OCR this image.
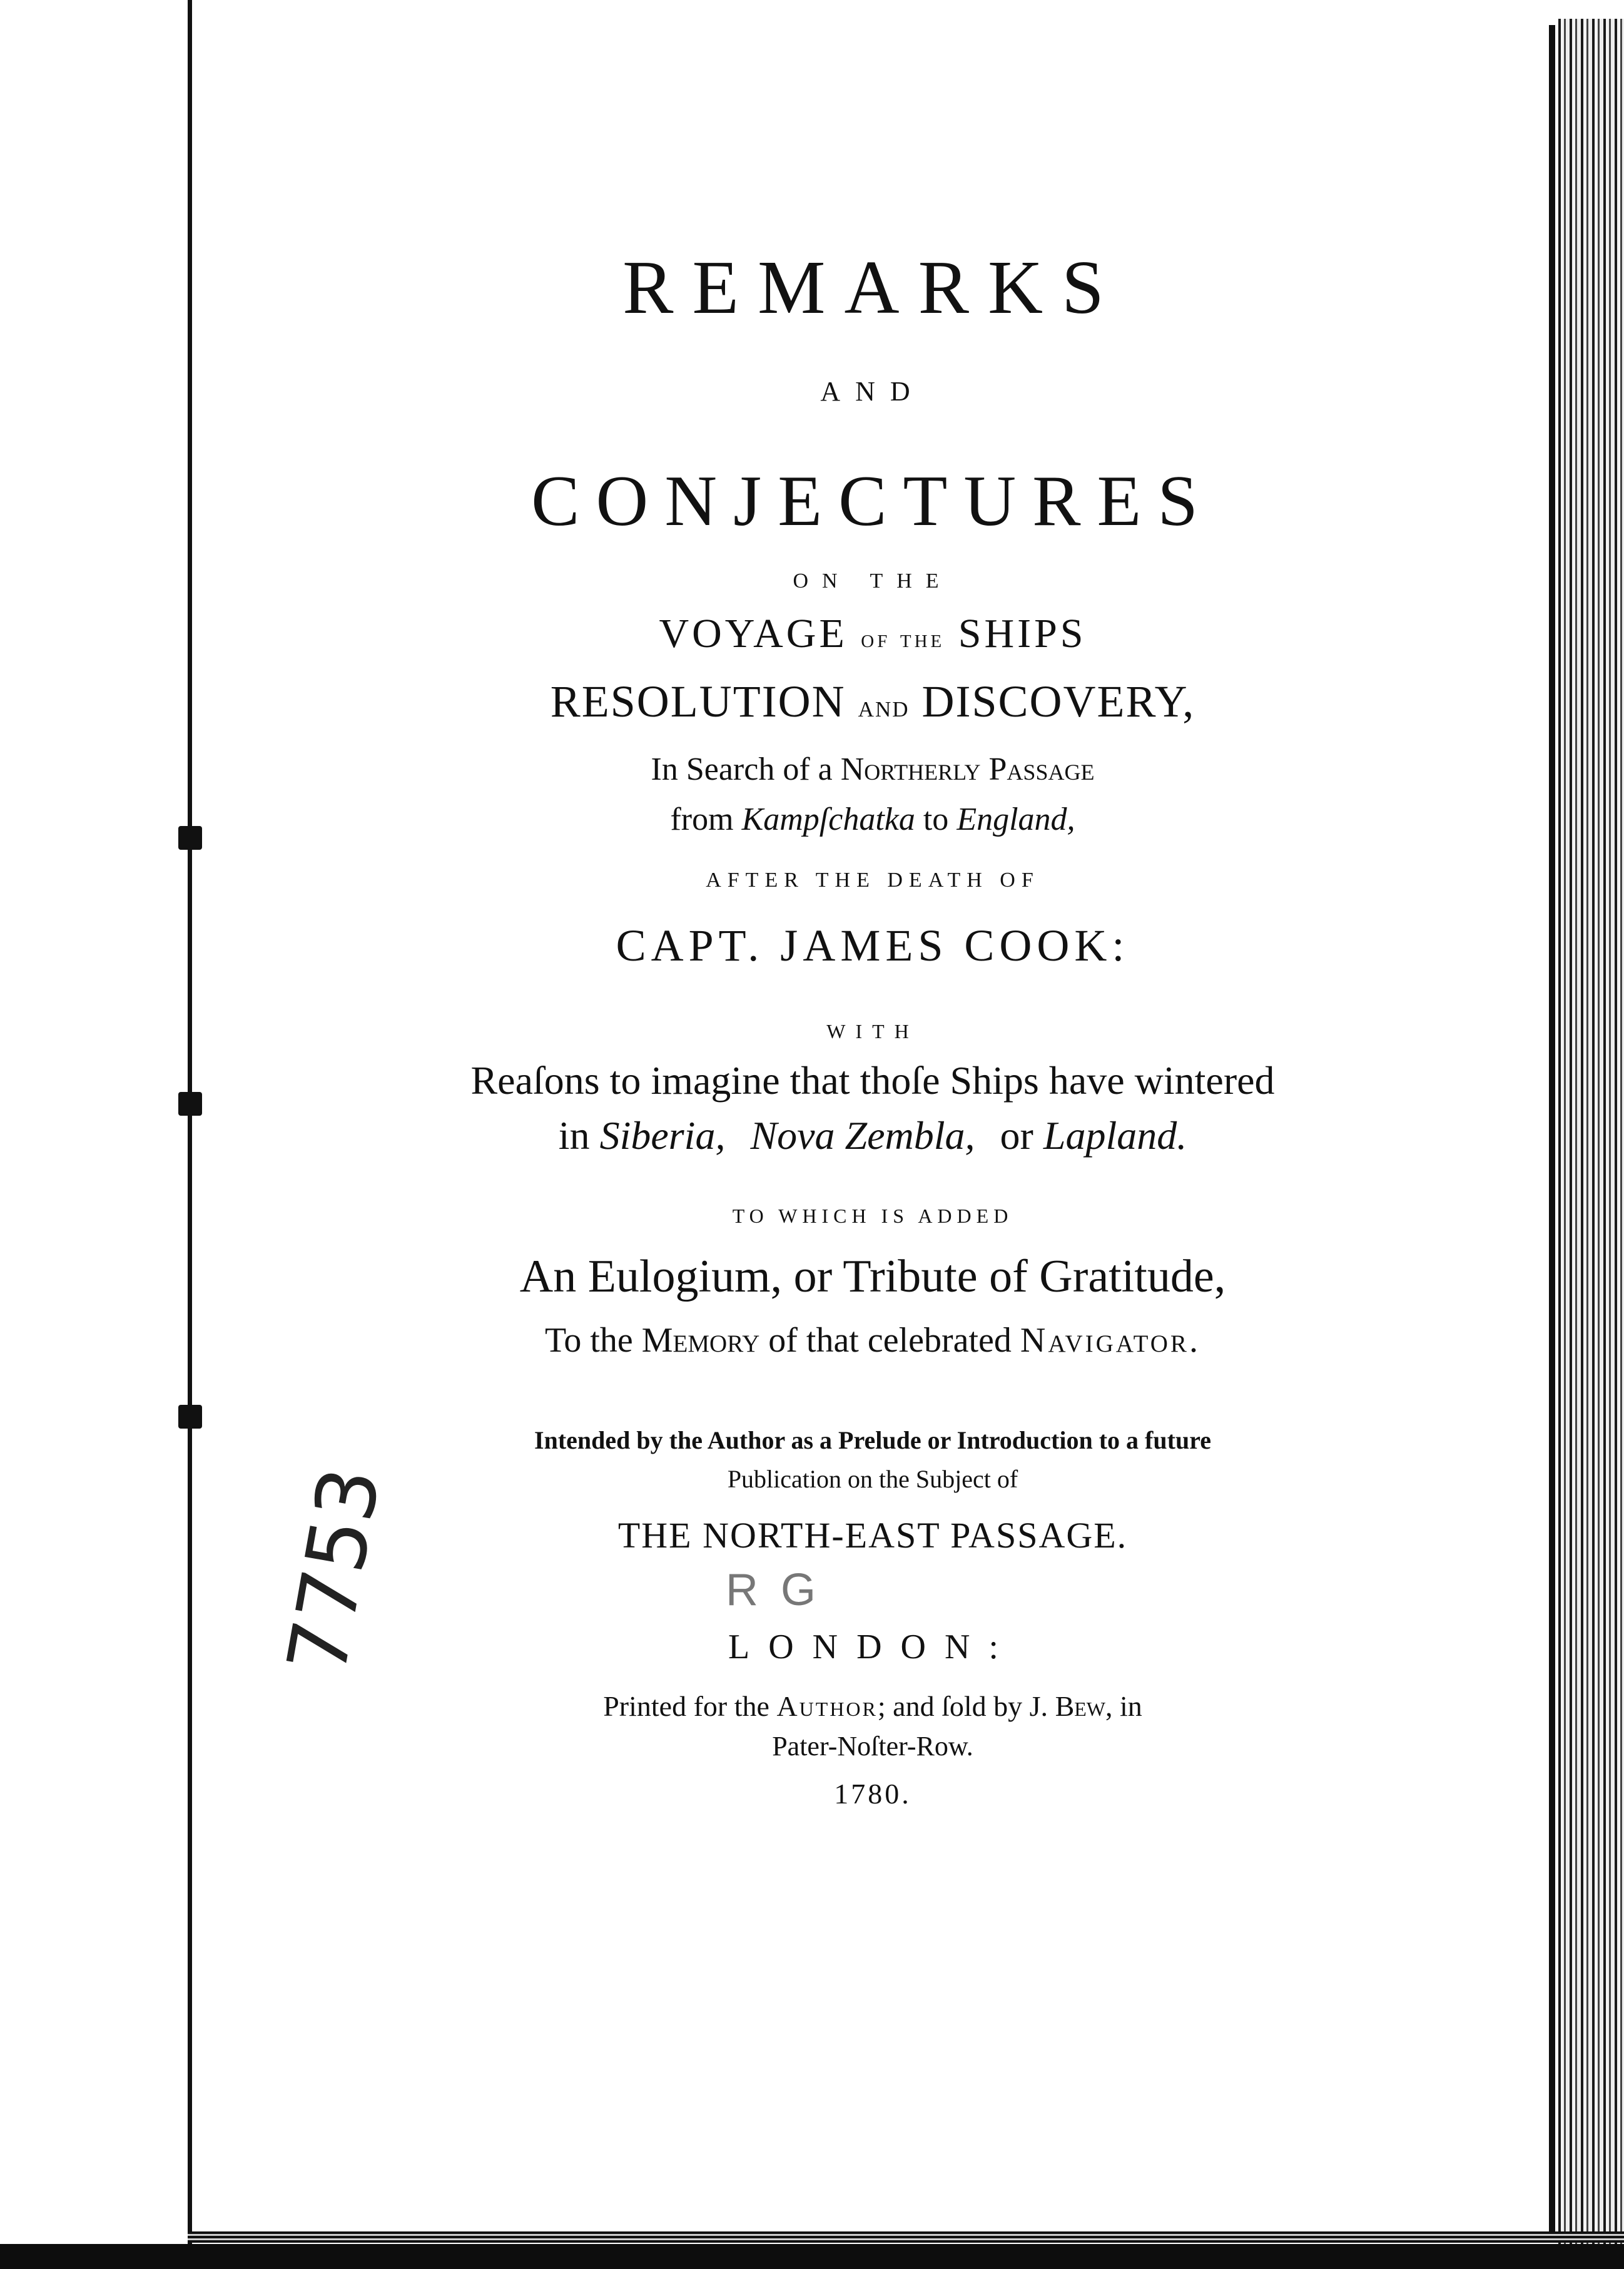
REMARKS
AND
CONJECTURES
ON THE
VOYAGE of the SHIPS
RESOLUTION and DISCOVERY,
In Search of a Northerly Passage
from Kampſchatka to England,
AFTER THE DEATH OF
CAPT. JAMES COOK:
WITH
Reaſons to imagine that thoſe Ships have wintered
in Siberia, Nova Zembla, or Lapland.
TO WHICH IS ADDED
An Eulogium, or Tribute of Gratitude,
To the Memory of that celebrated Navigator.
Intended by the Author as a Prelude or Introduction to a future
Publication on the Subject of
THE NORTH-EAST PASSAGE.
LONDON:
Printed for the Author; and ſold by J. Bew, in
Pater-Noſter-Row.
1780.
R G
7753
